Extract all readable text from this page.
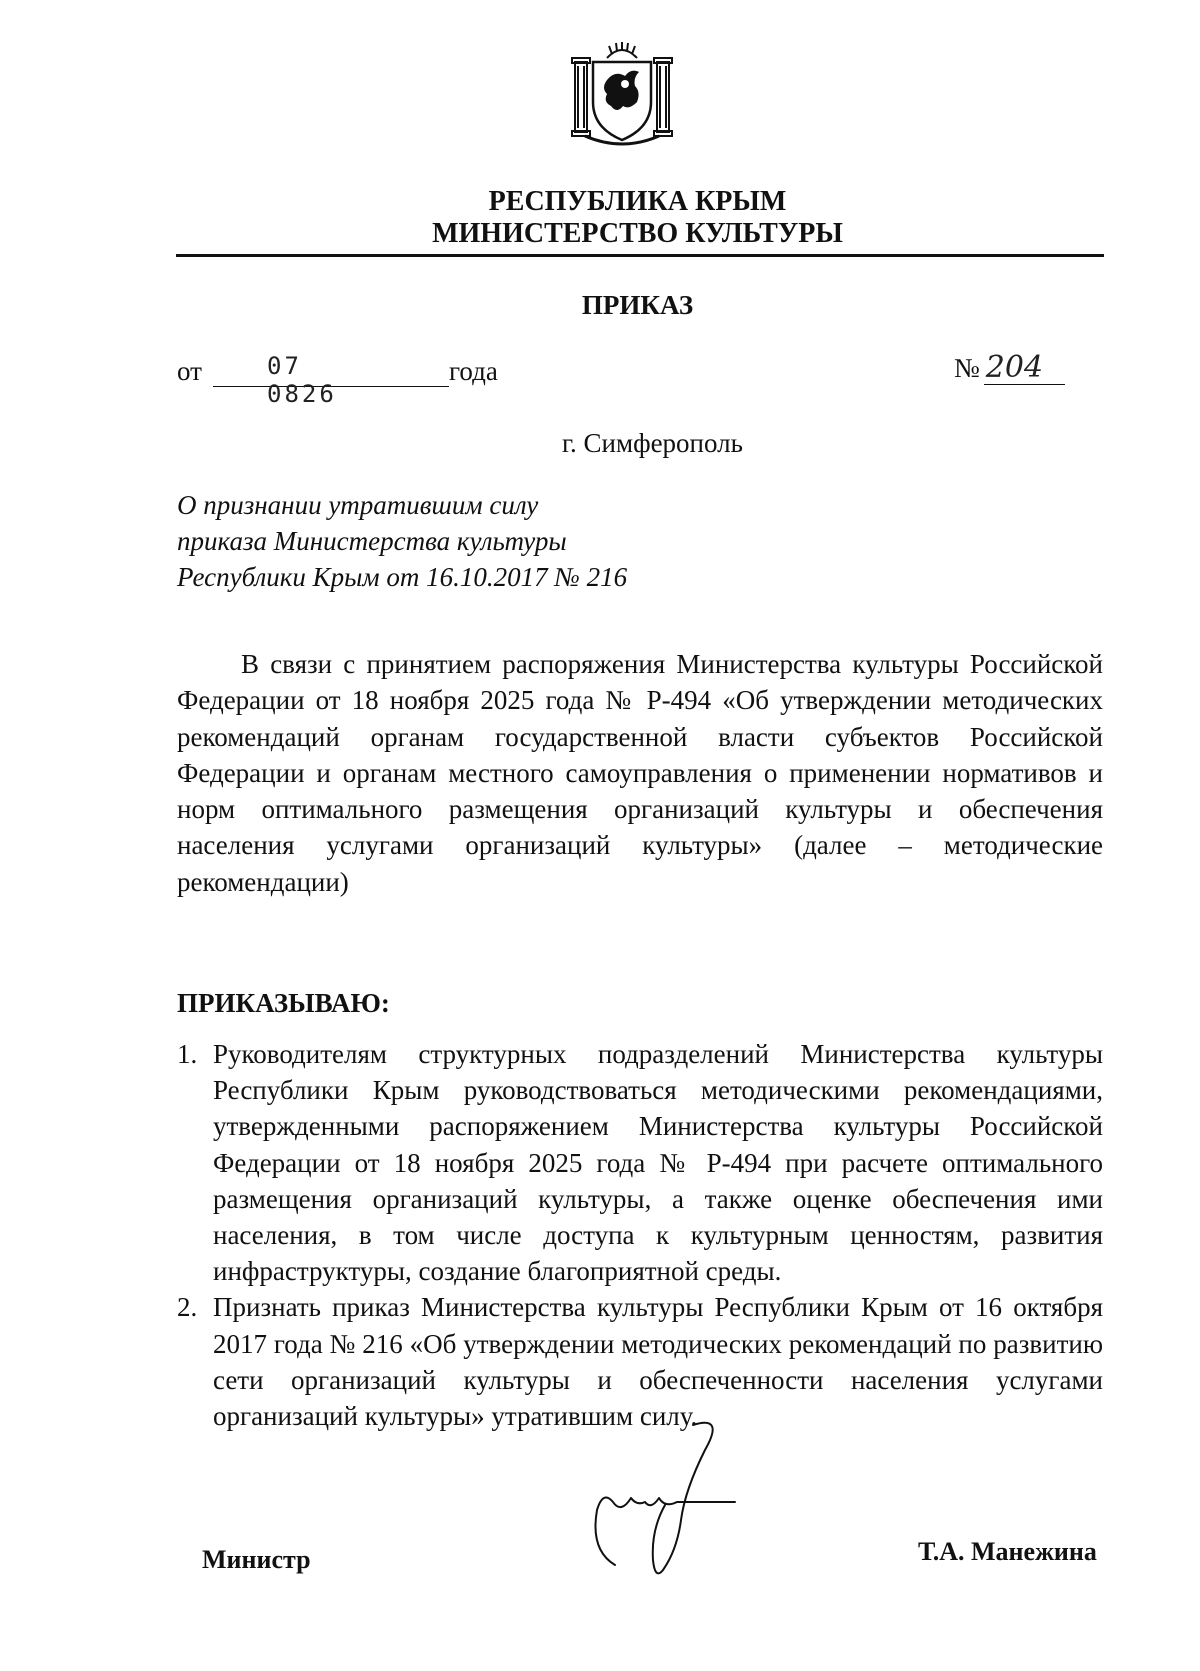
РЕСПУБЛИКА КРЫМ
МИНИСТЕРСТВО КУЛЬТУРЫ
ПРИКАЗ
от	07 0826
года	№ 204
г. Симферополь
О признании утратившим силу
приказа Министерства культуры
Республики Крым от 16.10.2017 № 216
В связи с принятием распоряжения Министерства культуры Российской Федерации от 18 ноября 2025 года № Р-494 «Об утверждении методических рекомендаций органам государственной власти субъектов Российской Федерации и органам местного самоуправления о применении нормативов и норм оптимального размещения организаций культуры и обеспечения населения услугами организаций культуры» (далее – методические рекомендации)
ПРИКАЗЫВАЮ:
1. Руководителям структурных подразделений Министерства культуры Республики Крым руководствоваться методическими рекомендациями, утвержденными распоряжением Министерства культуры Российской Федерации от 18 ноября 2025 года № Р-494 при расчете оптимального размещения организаций культуры, а также оценке обеспечения ими населения, в том числе доступа к культурным ценностям, развития инфраструктуры, создание благоприятной среды.
2. Признать приказ Министерства культуры Республики Крым от 16 октября 2017 года № 216 «Об утверждении методических рекомендаций по развитию сети организаций культуры и обеспеченности населения услугами организаций культуры» утратившим силу.
Министр	Т.А. Манежина
